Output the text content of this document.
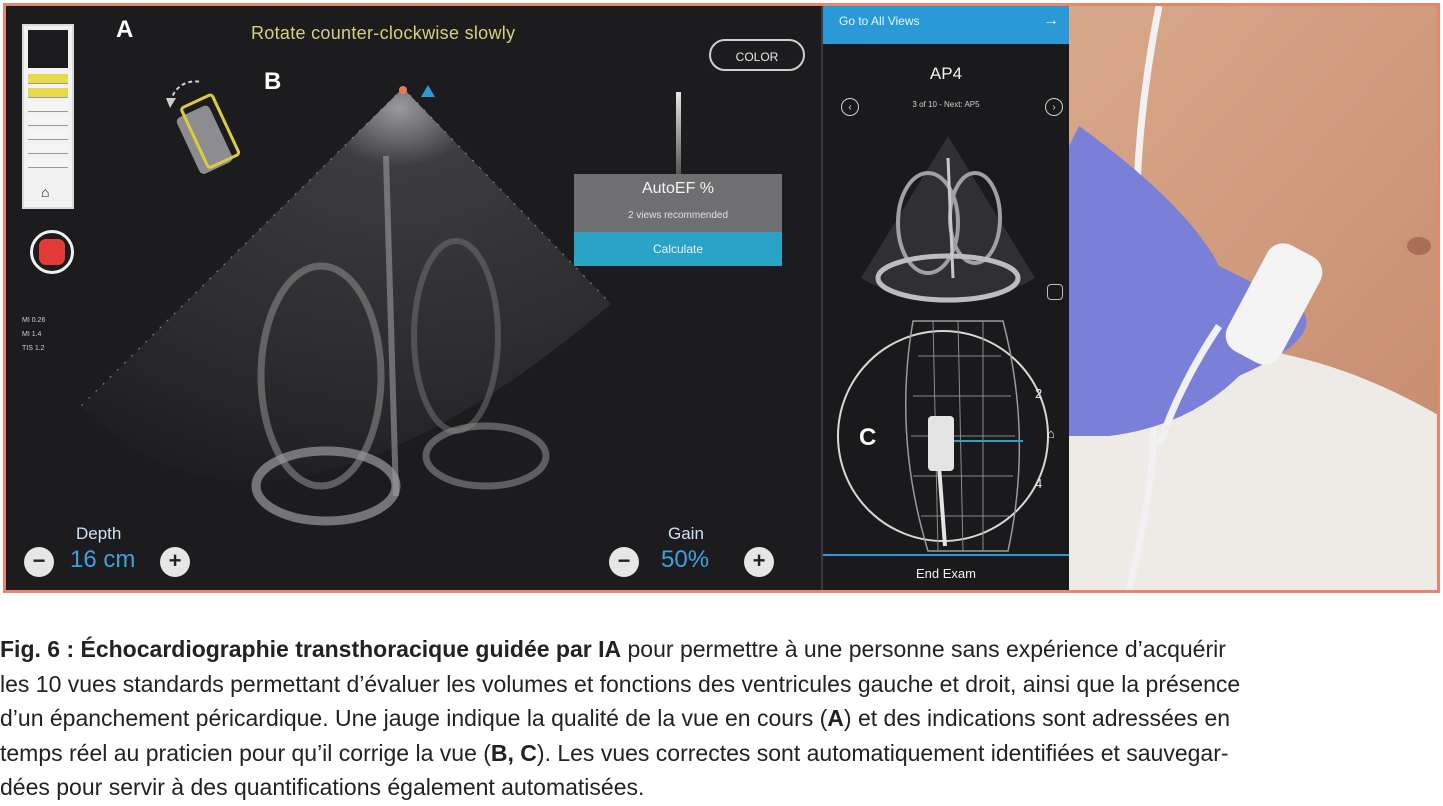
A
B
Rotate counter-clockwise slowly
COLOR
⌂
MI 0.26
MI 1.4
TIS 1.2
AutoEF %
2 views recommended
Calculate
Depth
−	16 cm	+
Gain
−	50%	+
Go to All Views	→
AP4
‹	3 of 10 - Next: AP5	›
C
2
⌂
4
End Exam
Fig. 6 : Échocardiographie transthoracique guidée par IA pour permettre à une personne sans expérience d’acquérir
les 10 vues standards permettant d’évaluer les volumes et fonctions des ventricules gauche et droit, ainsi que la présence
d’un épanchement péricardique. Une jauge indique la qualité de la vue en cours (A) et des indications sont adressées en
temps réel au praticien pour qu’il corrige la vue (B, C). Les vues correctes sont automatiquement identifiées et sauvegar-
dées pour servir à des quantifications également automatisées.
